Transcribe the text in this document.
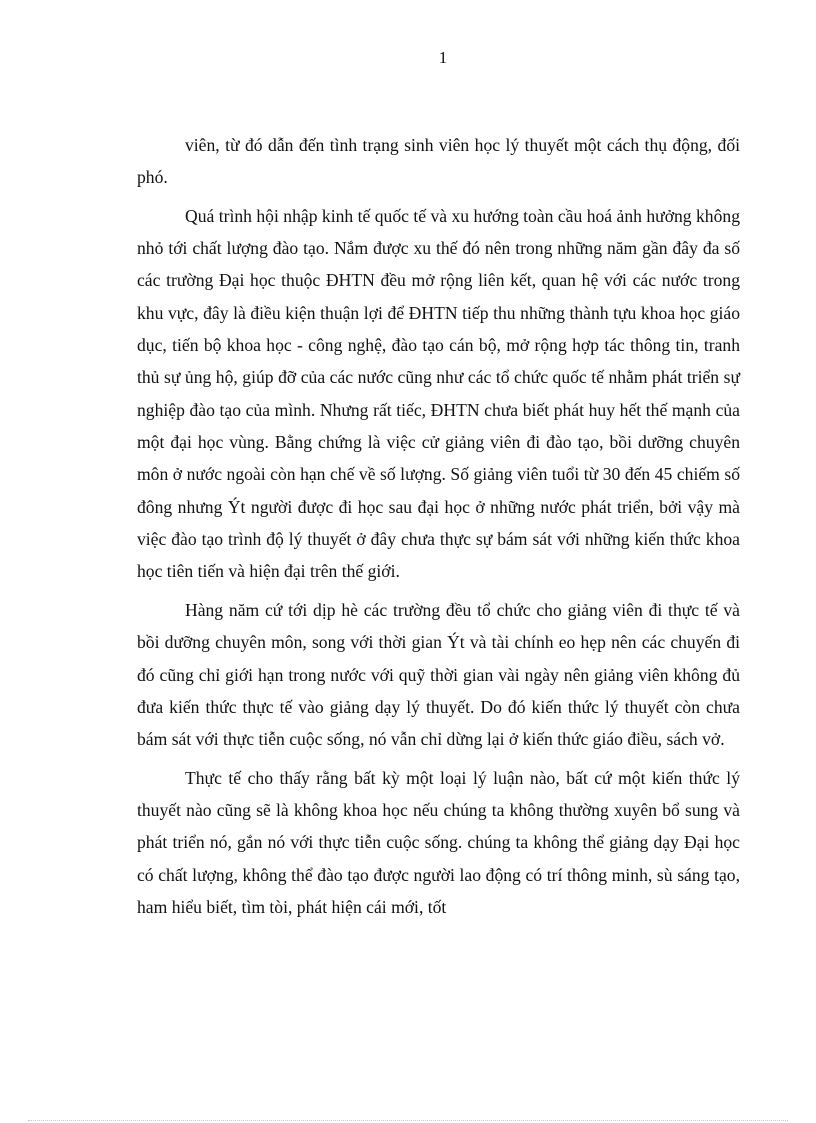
1

viên, từ đó dẫn đến tình trạng sinh viên học lý thuyết một cách thụ động, đối phó.

Quá trình hội nhập kinh tế quốc tế và xu hướng toàn cầu hoá ảnh hưởng không nhỏ tới chất lượng đào tạo. Nắm được xu thế đó nên trong những năm gần đây đa số các trường Đại học thuộc ĐHTN đều mở rộng liên kết, quan hệ với các nước trong khu vực, đây là điều kiện thuận lợi để ĐHTN tiếp thu những thành tựu khoa học giáo dục, tiến bộ khoa học - công nghệ, đào tạo cán bộ, mở rộng hợp tác thông tin, tranh thủ sự ủng hộ, giúp đỡ của các nước cũng như các tổ chức quốc tế nhằm phát triển sự nghiệp đào tạo của mình. Nhưng rất tiếc, ĐHTN chưa biết phát huy hết thế mạnh của một đại học vùng. Bằng chứng là việc cử giảng viên đi đào tạo, bồi dưỡng chuyên môn ở nước ngoài còn hạn chế về số lượng. Số giảng viên tuổi từ 30 đến 45 chiếm số đông nhưng Ýt người được đi học sau đại học ở những nước phát triển, bởi vậy mà việc đào tạo trình độ lý thuyết ở đây chưa thực sự bám sát với những kiến thức khoa học tiên tiến và hiện đại trên thế giới.

Hàng năm cứ tới dịp hè các trường đều tổ chức cho giảng viên đi thực tế và bồi dưỡng chuyên môn, song với thời gian Ýt và tài chính eo hẹp nên các chuyến đi đó cũng chỉ giới hạn trong nước với quỹ thời gian vài ngày nên giảng viên không đủ đưa kiến thức thực tế vào giảng dạy lý thuyết. Do đó kiến thức lý thuyết còn chưa bám sát với thực tiễn cuộc sống, nó vẫn chỉ dừng lại ở kiến thức giáo điều, sách vở.

Thực tế cho thấy rằng bất kỳ một loại lý luận nào, bất cứ một kiến thức lý thuyết nào cũng sẽ là không khoa học nếu chúng ta không thường xuyên bổ sung và phát triển nó, gắn nó với thực tiễn cuộc sống. chúng ta không thể giảng dạy Đại học có chất lượng, không thể đào tạo được người lao động có trí thông minh, sù sáng tạo, ham hiểu biết, tìm tòi, phát hiện cái mới, tốt
